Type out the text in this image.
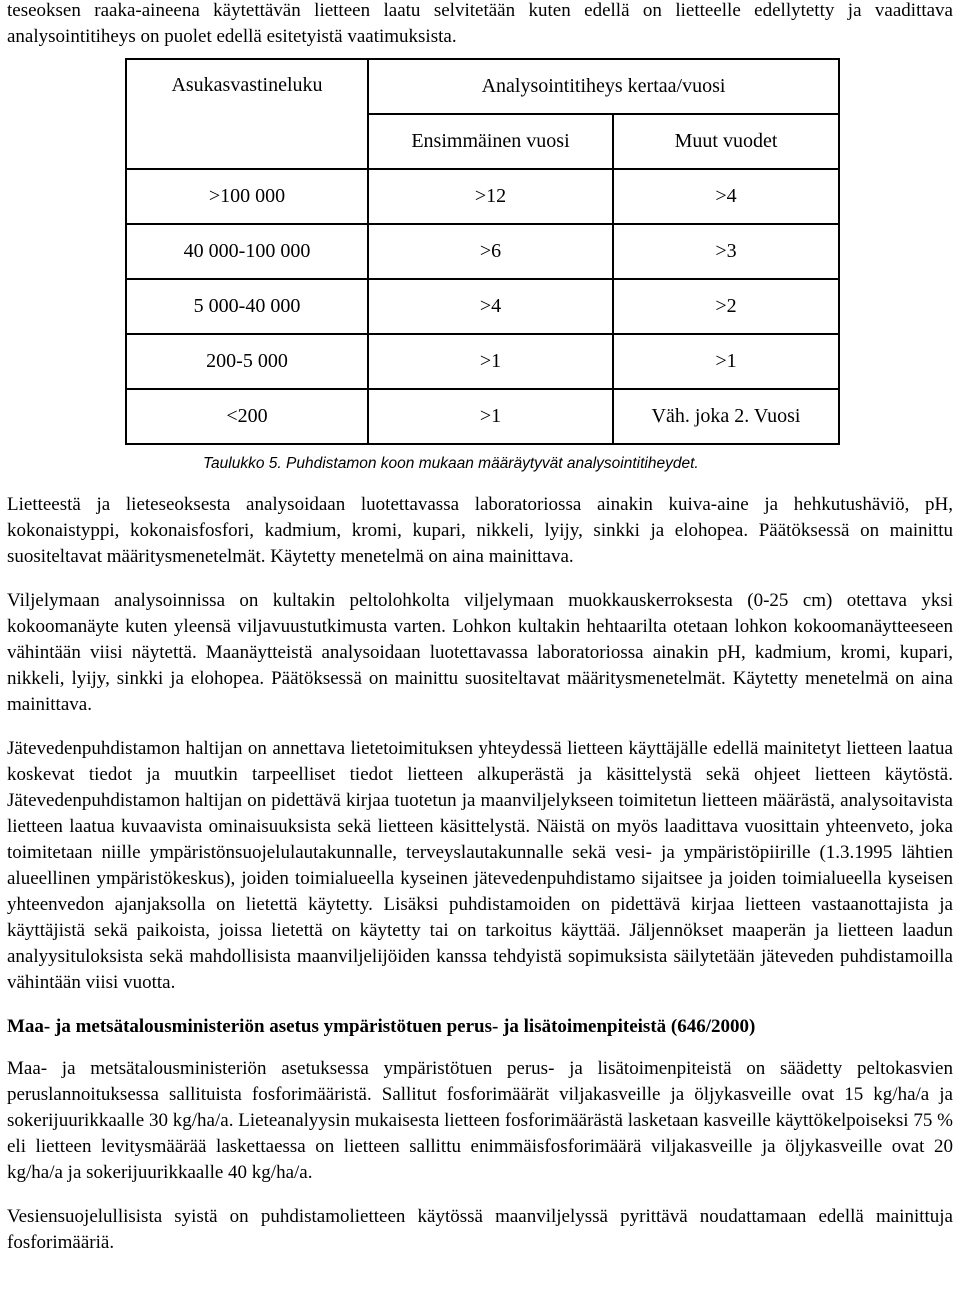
teseoksen raaka-aineena käytettävän lietteen laatu selvitetään kuten edellä on lietteelle edellytetty ja vaadittava analysointitiheys on puolet edellä esitetyistä vaatimuksista.

Asukasvastineluku	Analysointitiheys kertaa/vuosi	
	Ensimmäinen vuosi	Muut vuodet
>100 000	>12	>4
40 000-100 000	>6	>3
5 000-40 000	>4	>2
200-5 000	>1	>1
<200	>1	Väh. joka 2. Vuosi
Taulukko 5. Puhdistamon koon mukaan määräytyvät analysointitiheydet.

Lietteestä ja lieteseoksesta analysoidaan luotettavassa laboratoriossa ainakin kuiva-aine ja hehkutushäviö, pH, kokonaistyppi, kokonaisfosfori, kadmium, kromi, kupari, nikkeli, lyijy, sinkki ja elohopea. Päätöksessä on mainittu suositeltavat määritysmenetelmät. Käytetty menetelmä on aina mainittava.

Viljelymaan analysoinnissa on kultakin peltolohkolta viljelymaan muokkauskerroksesta (0-25 cm) otettava yksi kokoomanäyte kuten yleensä viljavuustutkimusta varten. Lohkon kultakin hehtaarilta otetaan lohkon kokoomanäytteeseen vähintään viisi näytettä. Maanäytteistä analysoidaan luotettavassa laboratoriossa ainakin pH, kadmium, kromi, kupari, nikkeli, lyijy, sinkki ja elohopea. Päätöksessä on mainittu suositeltavat määritysmenetelmät. Käytetty menetelmä on aina mainittava.

Jätevedenpuhdistamon haltijan on annettava lietetoimituksen yhteydessä lietteen käyttäjälle edellä mainitetyt lietteen laatua koskevat tiedot ja muutkin tarpeelliset tiedot lietteen alkuperästä ja käsittelystä sekä ohjeet lietteen käytöstä. Jätevedenpuhdistamon haltijan on pidettävä kirjaa tuotetun ja maanviljelykseen toimitetun lietteen määrästä, analysoitavista lietteen laatua kuvaavista ominaisuuksista sekä lietteen käsittelystä. Näistä on myös laadittava vuosittain yhteenveto, joka toimitetaan niille ympäristönsuojelulautakunnalle, terveyslautakunnalle sekä vesi- ja ympäristöpiirille (1.3.1995 lähtien alueellinen ympäristökeskus), joiden toimialueella kyseinen jätevedenpuhdistamo sijaitsee ja joiden toimialueella kyseisen yhteenvedon ajanjaksolla on lietettä käytetty. Lisäksi puhdistamoiden on pidettävä kirjaa lietteen vastaanottajista ja käyttäjistä sekä paikoista, joissa lietettä on käytetty tai on tarkoitus käyttää. Jäljennökset maaperän ja lietteen laadun analyysituloksista sekä mahdollisista maanviljelijöiden kanssa tehdyistä sopimuksista säilytetään jäteveden puhdistamoilla vähintään viisi vuotta.

Maa- ja metsätalousministeriön asetus ympäristötuen perus- ja lisätoimenpiteistä (646/2000)

Maa- ja metsätalousministeriön asetuksessa ympäristötuen perus- ja lisätoimenpiteistä on säädetty peltokasvien peruslannoituksessa sallituista fosforimääristä. Sallitut fosforimäärät viljakasveille ja öljykasveille ovat 15 kg/ha/a ja sokerijuurikkaalle 30 kg/ha/a. Lieteanalyysin mukaisesta lietteen fosforimäärästä lasketaan kasveille käyttökelpoiseksi 75 % eli lietteen levitysmäärää laskettaessa on lietteen sallittu enimmäisfosforimäärä viljakasveille ja öljykasveille ovat 20 kg/ha/a ja sokerijuurikkaalle 40 kg/ha/a.

Vesiensuojelullisista syistä on puhdistamolietteen käytössä maanviljelyssä pyrittävä noudattamaan edellä mainittuja fosforimääriä.
